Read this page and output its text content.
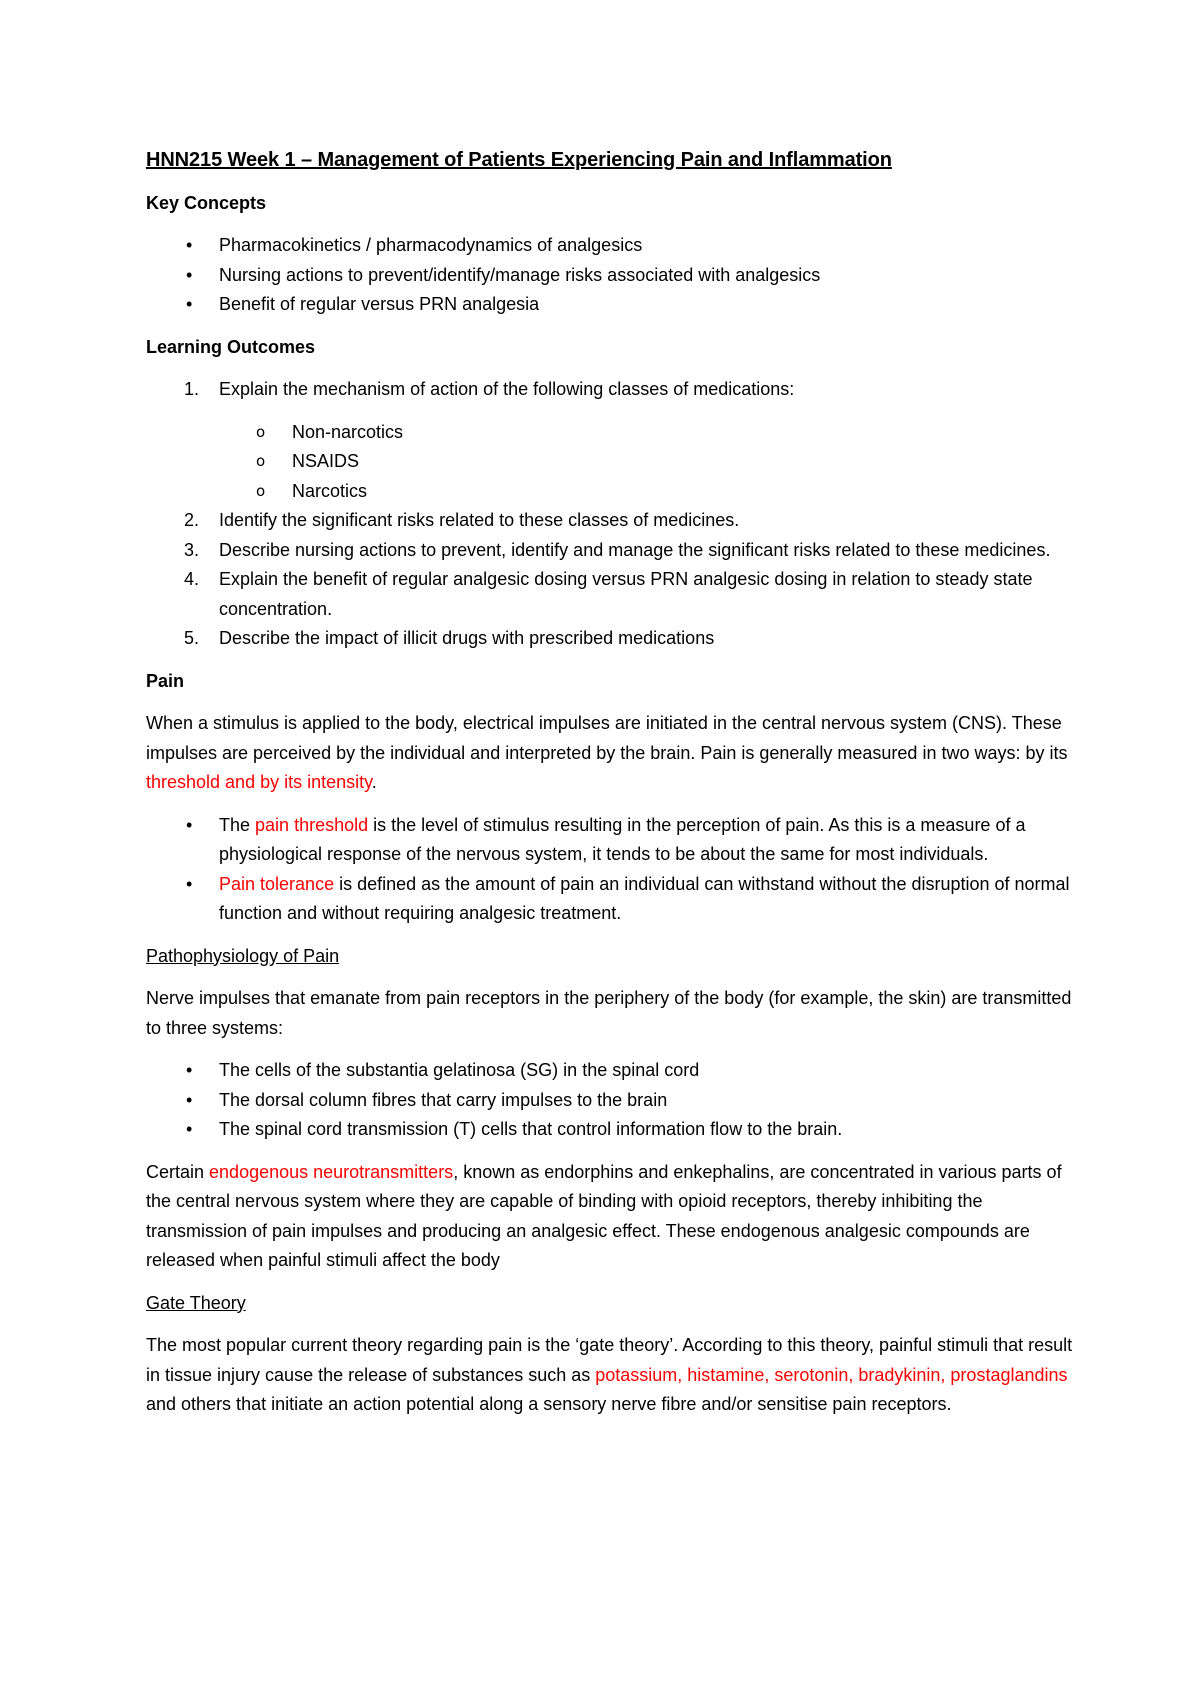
HNN215 Week 1 – Management of Patients Experiencing Pain and Inflammation
Key Concepts
• Pharmacokinetics / pharmacodynamics of analgesics
• Nursing actions to prevent/identify/manage risks associated with analgesics
• Benefit of regular versus PRN analgesia
Learning Outcomes
1. Explain the mechanism of action of the following classes of medications:
o Non-narcotics
o NSAIDS
o Narcotics
2. Identify the significant risks related to these classes of medicines.
3. Describe nursing actions to prevent, identify and manage the significant risks related to these medicines.
4. Explain the benefit of regular analgesic dosing versus PRN analgesic dosing in relation to steady state concentration.
5. Describe the impact of illicit drugs with prescribed medications
Pain

When a stimulus is applied to the body, electrical impulses are initiated in the central nervous system (CNS). These impulses are perceived by the individual and interpreted by the brain. Pain is generally measured in two ways: by its threshold and by its intensity.

• The pain threshold is the level of stimulus resulting in the perception of pain. As this is a measure of a physiological response of the nervous system, it tends to be about the same for most individuals.
• Pain tolerance is defined as the amount of pain an individual can withstand without the disruption of normal function and without requiring analgesic treatment.
Pathophysiology of Pain

Nerve impulses that emanate from pain receptors in the periphery of the body (for example, the skin) are transmitted to three systems:

• The cells of the substantia gelatinosa (SG) in the spinal cord
• The dorsal column fibres that carry impulses to the brain
• The spinal cord transmission (T) cells that control information flow to the brain.

Certain endogenous neurotransmitters, known as endorphins and enkephalins, are concentrated in various parts of the central nervous system where they are capable of binding with opioid receptors, thereby inhibiting the transmission of pain impulses and producing an analgesic effect. These endogenous analgesic compounds are released when painful stimuli affect the body

Gate Theory

The most popular current theory regarding pain is the ‘gate theory’. According to this theory, painful stimuli that result in tissue injury cause the release of substances such as potassium, histamine, serotonin, bradykinin, prostaglandins and others that initiate an action potential along a sensory nerve fibre and/or sensitise pain receptors.
